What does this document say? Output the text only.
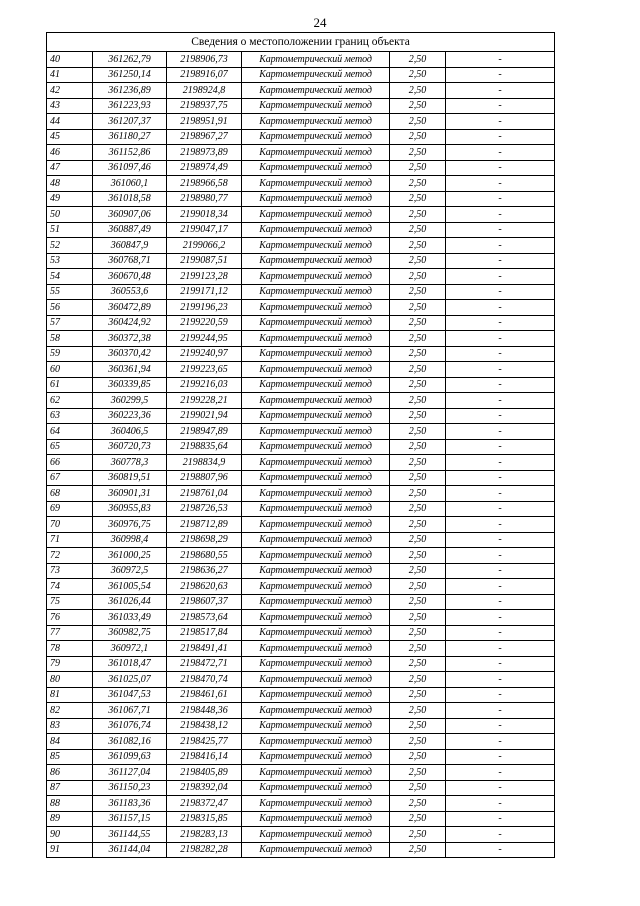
24
Сведения о местоположении границ объекта					
40	361262,79	2198906,73	Картометрический метод	2,50	-
41	361250,14	2198916,07	Картометрический метод	2,50	-
42	361236,89	2198924,8	Картометрический метод	2,50	-
43	361223,93	2198937,75	Картометрический метод	2,50	-
44	361207,37	2198951,91	Картометрический метод	2,50	-
45	361180,27	2198967,27	Картометрический метод	2,50	-
46	361152,86	2198973,89	Картометрический метод	2,50	-
47	361097,46	2198974,49	Картометрический метод	2,50	-
48	361060,1	2198966,58	Картометрический метод	2,50	-
49	361018,58	2198980,77	Картометрический метод	2,50	-
50	360907,06	2199018,34	Картометрический метод	2,50	-
51	360887,49	2199047,17	Картометрический метод	2,50	-
52	360847,9	2199066,2	Картометрический метод	2,50	-
53	360768,71	2199087,51	Картометрический метод	2,50	-
54	360670,48	2199123,28	Картометрический метод	2,50	-
55	360553,6	2199171,12	Картометрический метод	2,50	-
56	360472,89	2199196,23	Картометрический метод	2,50	-
57	360424,92	2199220,59	Картометрический метод	2,50	-
58	360372,38	2199244,95	Картометрический метод	2,50	-
59	360370,42	2199240,97	Картометрический метод	2,50	-
60	360361,94	2199223,65	Картометрический метод	2,50	-
61	360339,85	2199216,03	Картометрический метод	2,50	-
62	360299,5	2199228,21	Картометрический метод	2,50	-
63	360223,36	2199021,94	Картометрический метод	2,50	-
64	360406,5	2198947,89	Картометрический метод	2,50	-
65	360720,73	2198835,64	Картометрический метод	2,50	-
66	360778,3	2198834,9	Картометрический метод	2,50	-
67	360819,51	2198807,96	Картометрический метод	2,50	-
68	360901,31	2198761,04	Картометрический метод	2,50	-
69	360955,83	2198726,53	Картометрический метод	2,50	-
70	360976,75	2198712,89	Картометрический метод	2,50	-
71	360998,4	2198698,29	Картометрический метод	2,50	-
72	361000,25	2198680,55	Картометрический метод	2,50	-
73	360972,5	2198636,27	Картометрический метод	2,50	-
74	361005,54	2198620,63	Картометрический метод	2,50	-
75	361026,44	2198607,37	Картометрический метод	2,50	-
76	361033,49	2198573,64	Картометрический метод	2,50	-
77	360982,75	2198517,84	Картометрический метод	2,50	-
78	360972,1	2198491,41	Картометрический метод	2,50	-
79	361018,47	2198472,71	Картометрический метод	2,50	-
80	361025,07	2198470,74	Картометрический метод	2,50	-
81	361047,53	2198461,61	Картометрический метод	2,50	-
82	361067,71	2198448,36	Картометрический метод	2,50	-
83	361076,74	2198438,12	Картометрический метод	2,50	-
84	361082,16	2198425,77	Картометрический метод	2,50	-
85	361099,63	2198416,14	Картометрический метод	2,50	-
86	361127,04	2198405,89	Картометрический метод	2,50	-
87	361150,23	2198392,04	Картометрический метод	2,50	-
88	361183,36	2198372,47	Картометрический метод	2,50	-
89	361157,15	2198315,85	Картометрический метод	2,50	-
90	361144,55	2198283,13	Картометрический метод	2,50	-
91	361144,04	2198282,28	Картометрический метод	2,50	-
